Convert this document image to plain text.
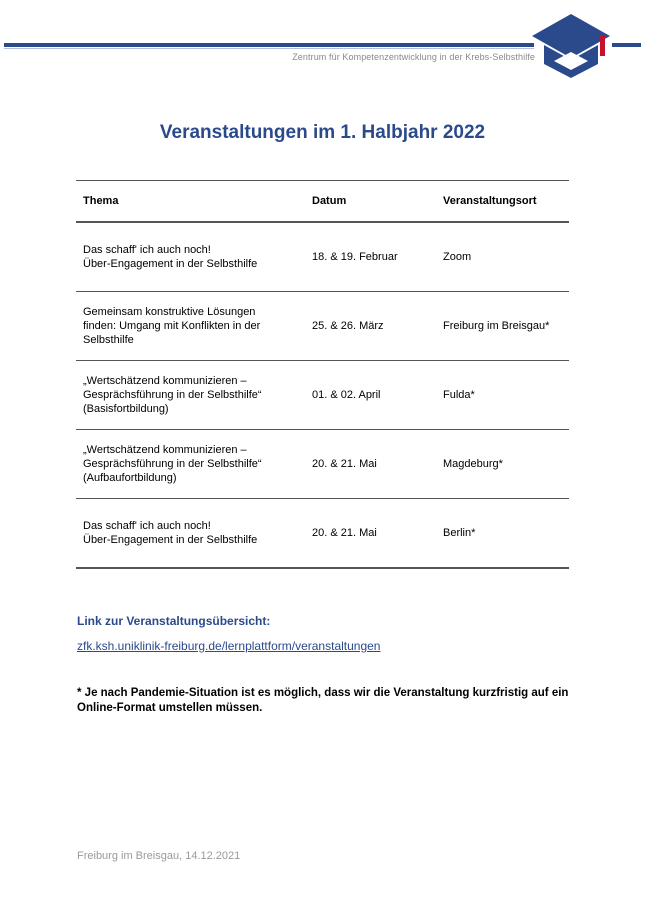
Zentrum für Kompetenzentwicklung in der Krebs-Selbsthilfe
Veranstaltungen im 1. Halbjahr 2022
Thema	Datum	Veranstaltungsort

Das schaff' ich auch noch!
Über-Engagement in der Selbsthilfe	18. & 19. Februar	Zoom

Gemeinsam konstruktive Lösungen
finden: Umgang mit Konflikten in der
Selbsthilfe	25. & 26. März	Freiburg im Breisgau*

„Wertschätzend kommunizieren –
Gesprächsführung in der Selbsthilfe“
(Basisfortbildung)	01. & 02. April	Fulda*

„Wertschätzend kommunizieren –
Gesprächsführung in der Selbsthilfe“
(Aufbaufortbildung)	20. & 21. Mai	Magdeburg*

Das schaff' ich auch noch!
Über-Engagement in der Selbsthilfe	20. & 21. Mai	Berlin*
Link zur Veranstaltungsübersicht:
zfk.ksh.uniklinik-freiburg.de/lernplattform/veranstaltungen
* Je nach Pandemie-Situation ist es möglich, dass wir die Veranstaltung kurzfristig auf ein Online-Format umstellen müssen.
Freiburg im Breisgau, 14.12.2021
